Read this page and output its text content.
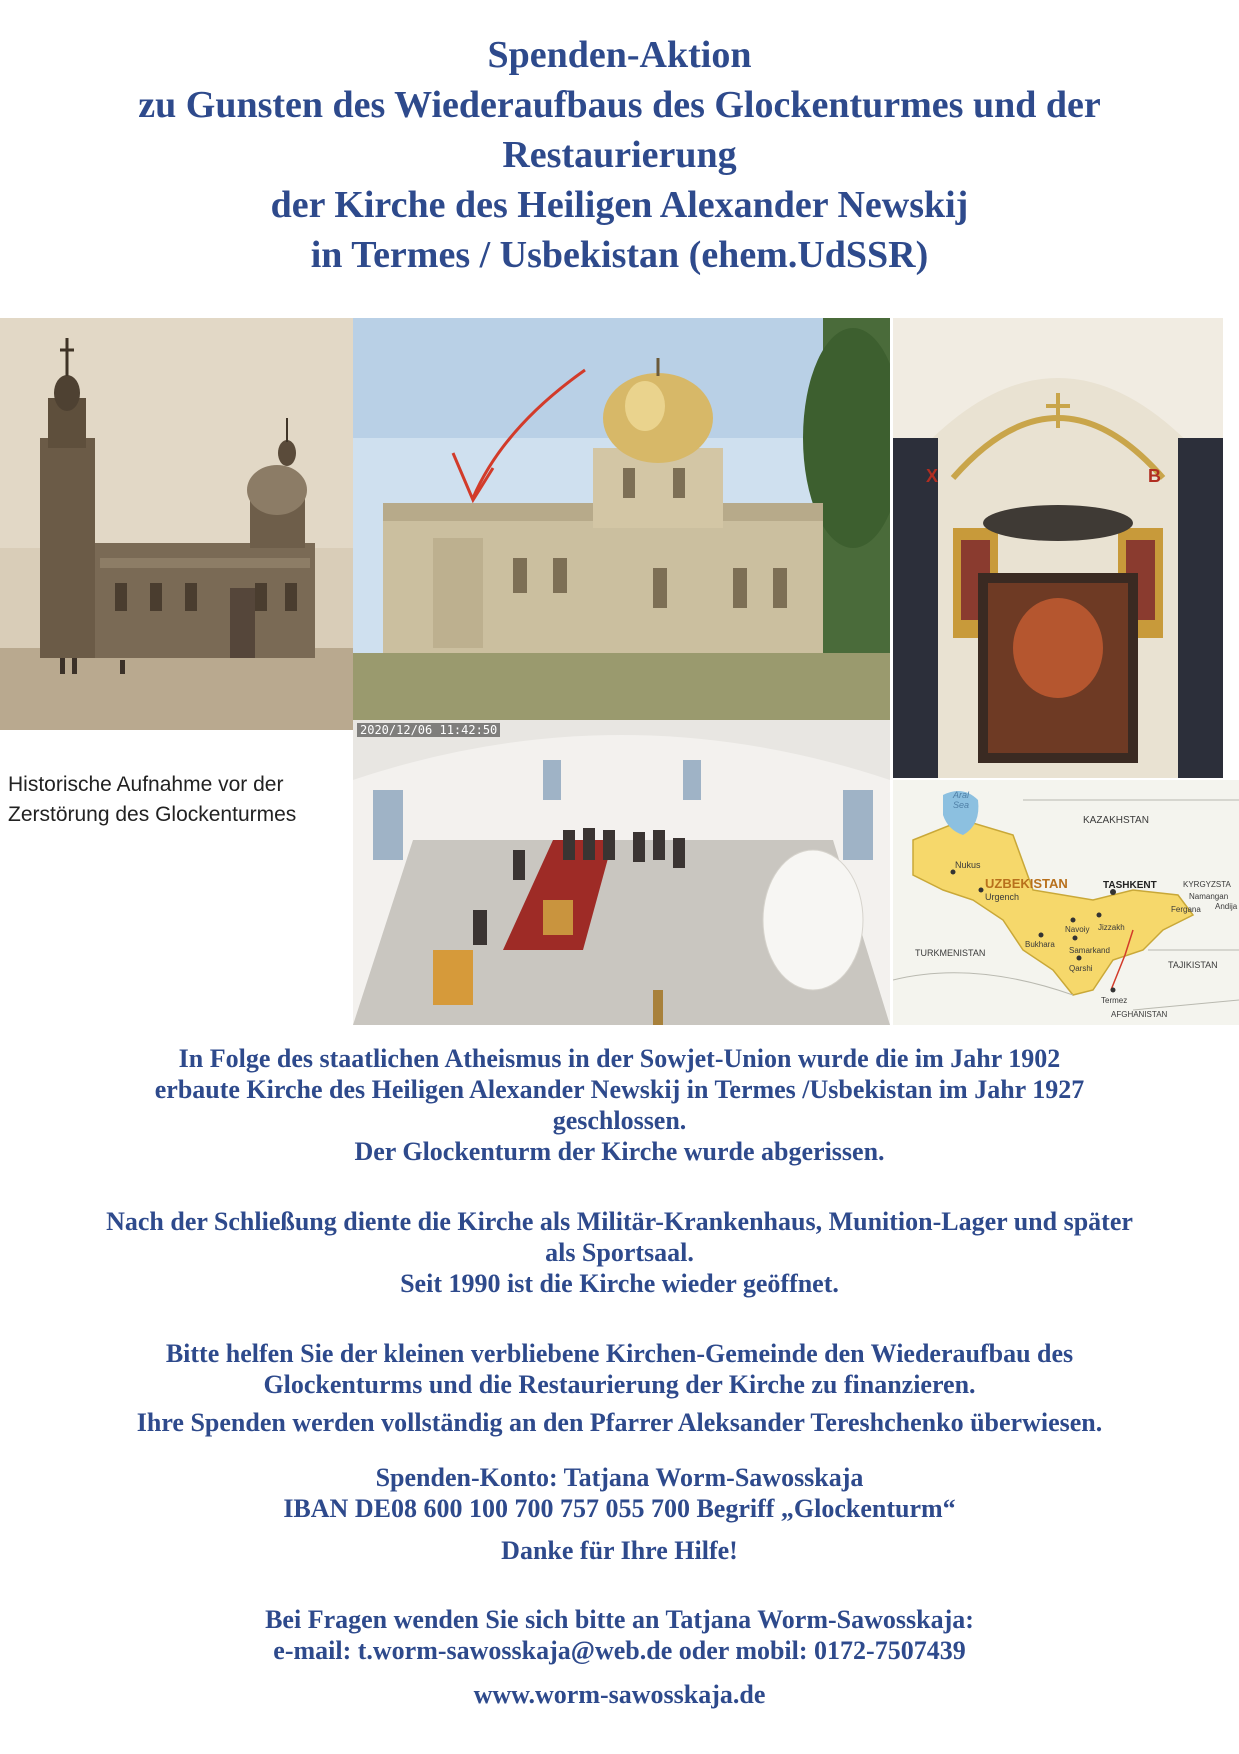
Spenden-Aktion
zu Gunsten des Wiederaufbaus des Glockenturmes und der
Restaurierung
der Kirche des Heiligen Alexander Newskij
in Termes / Usbekistan (ehem.UdSSR)
X	B
Historische Aufnahme vor der
Zerstörung des Glockenturmes
2020/12/06 11:42:50
Aral
Sea
KAZAKHSTAN
Nukus
UZBEKISTAN
Urgench
TASHKENT	KYRGYZSTA
Namangan
Fergana Andija
Navoiy Jizzakh
Bukhara
Samarkand
TURKMENISTAN
Qarshi	TAJIKISTAN
Termez
AFGHANISTAN
In Folge des staatlichen Atheismus in der Sowjet-Union wurde die im Jahr 1902
erbaute Kirche des Heiligen Alexander Newskij in Termes /Usbekistan im Jahr 1927
geschlossen.
Der Glockenturm der Kirche wurde abgerissen.
Nach der Schließung diente die Kirche als Militär-Krankenhaus, Munition-Lager und später
als Sportsaal.
Seit 1990 ist die Kirche wieder geöffnet.
Bitte helfen Sie der kleinen verbliebene Kirchen-Gemeinde den Wiederaufbau des
Glockenturms und die Restaurierung der Kirche zu finanzieren.
Ihre Spenden werden vollständig an den Pfarrer Aleksander Tereshchenko überwiesen.
Spenden-Konto: Tatjana Worm-Sawosskaja
IBAN DE08 600 100 700 757 055 700 Begriff „Glockenturm“
Danke für Ihre Hilfe!
Bei Fragen wenden Sie sich bitte an Tatjana Worm-Sawosskaja:
e-mail: t.worm-sawosskaja@web.de oder mobil: 0172-7507439
www.worm-sawosskaja.de
